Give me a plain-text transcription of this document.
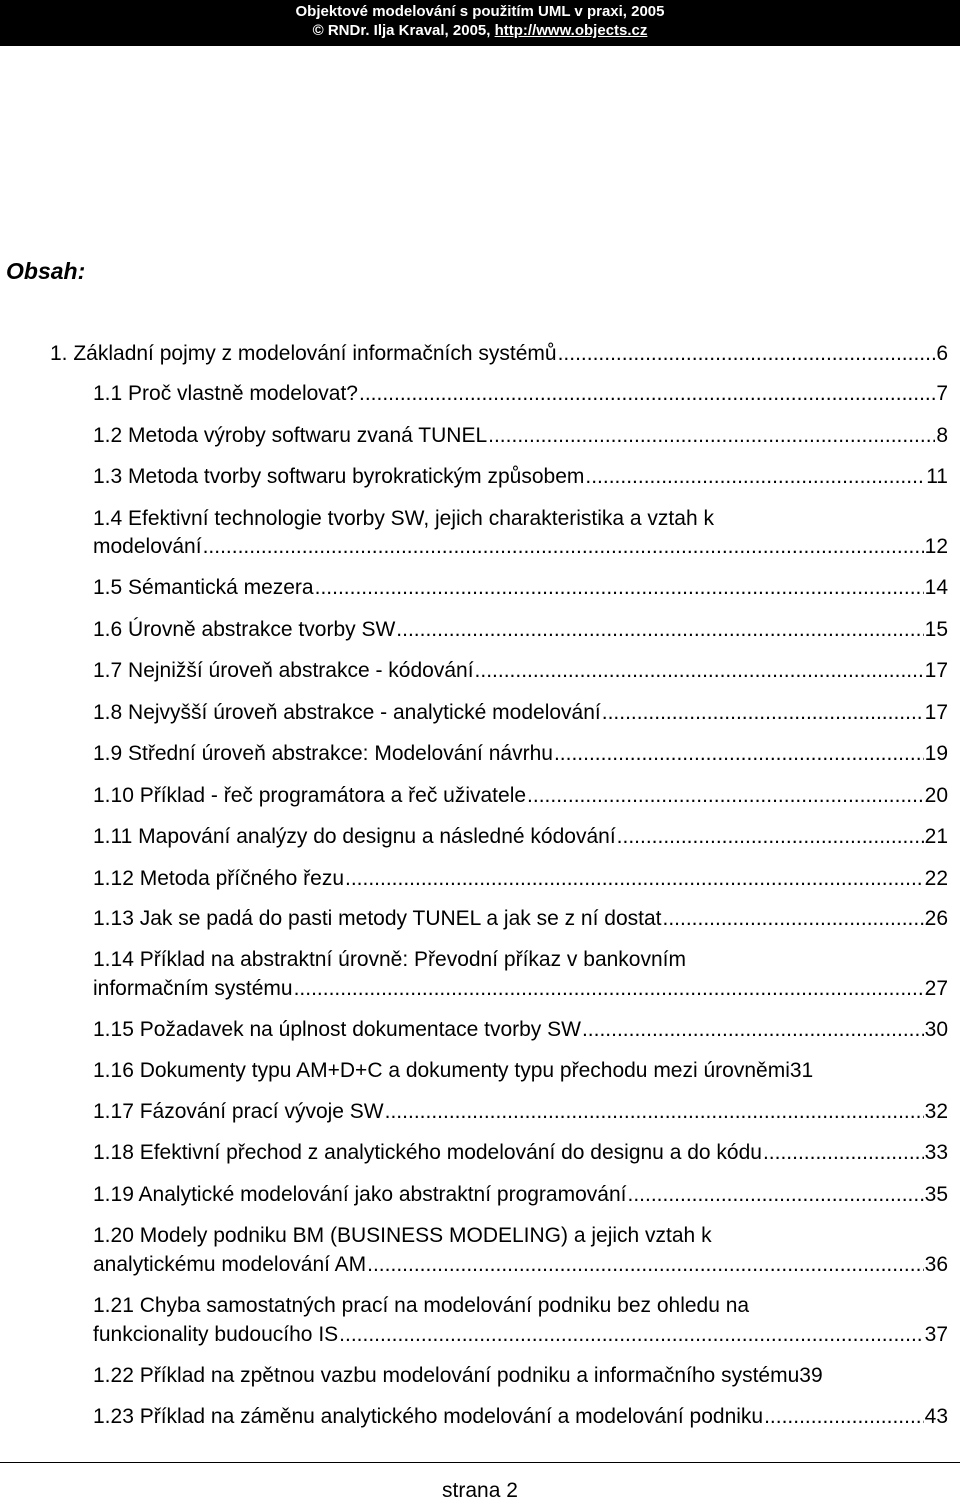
Objektové modelování s použitím UML v praxi, 2005
© RNDr. Ilja Kraval, 2005, http://www.objects.cz
Obsah:
1. Základní pojmy z modelování informačních systémů .....	6
1.1 Proč vlastně modelovat? .....	7
1.2 Metoda výroby softwaru zvaná TUNEL .....	8
1.3 Metoda tvorby softwaru byrokratickým způsobem .....	11
1.4 Efektivní technologie tvorby SW, jejich charakteristika a vztah k
modelování .....	12
1.5 Sémantická mezera .....	14
1.6 Úrovně abstrakce tvorby SW .....	15
1.7 Nejnižší úroveň abstrakce - kódování .....	17
1.8 Nejvyšší úroveň abstrakce - analytické modelování .....	17
1.9 Střední úroveň abstrakce: Modelování návrhu .....	19
1.10 Příklad - řeč programátora a řeč uživatele .....	20
1.11 Mapování analýzy do designu a následné kódování .....	21
1.12 Metoda příčného řezu .....	22
1.13 Jak se padá do pasti metody TUNEL a jak se z ní dostat .....	26
1.14 Příklad na abstraktní úrovně: Převodní příkaz v bankovním
informačním systému .....	27
1.15 Požadavek na úplnost dokumentace tvorby SW .....	30
1.16 Dokumenty typu AM+D+C a dokumenty typu přechodu mezi úrovněmi 31
1.17 Fázování prací vývoje SW .....	32
1.18 Efektivní přechod z analytického modelování do designu a do kódu .....	33
1.19 Analytické modelování jako abstraktní programování .....	35
1.20 Modely podniku BM (BUSINESS MODELING) a jejich vztah k
analytickému modelování AM .....	36
1.21 Chyba samostatných prací na modelování podniku bez ohledu na
funkcionality budoucího IS .....	37
1.22 Příklad na zpětnou vazbu modelování podniku a informačního systému 39
1.23 Příklad na záměnu analytického modelování a modelování podniku .....	43
strana 2
